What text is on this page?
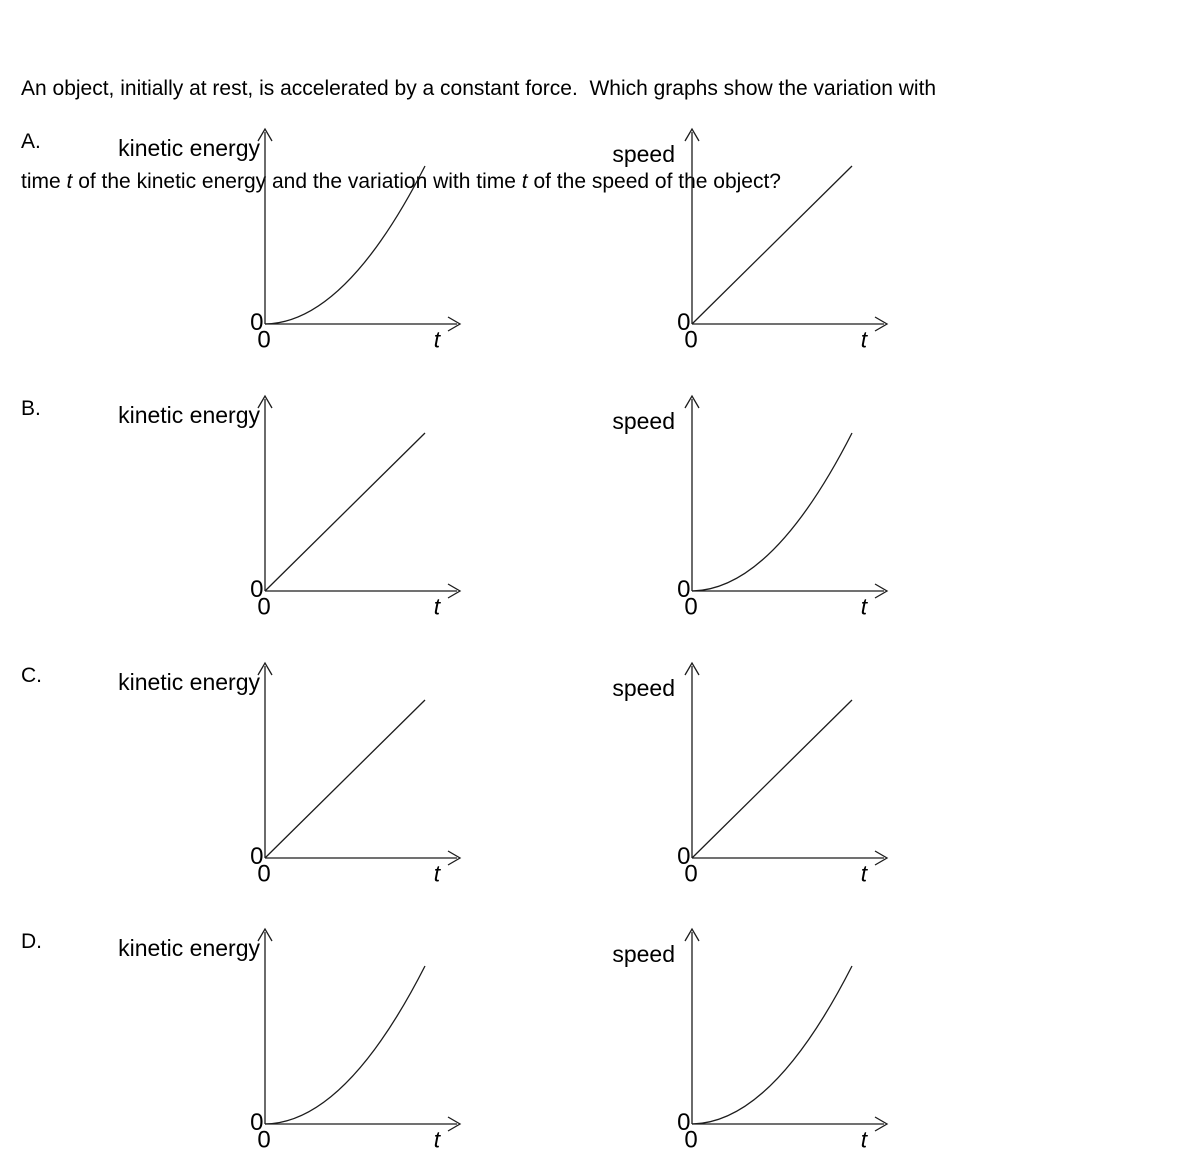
An object, initially at rest, is accelerated by a constant force.  Which graphs show the variation with

time t of the kinetic energy and the variation with time t of the speed of the object?

A.	kinetic energy
0
0	t
speed
0
0	t
B.	kinetic energy
0
0	t
speed
0
0	t
C.	kinetic energy
0
0	t
speed
0
0	t
D.	kinetic energy
0
0	t
speed
0
0	t
